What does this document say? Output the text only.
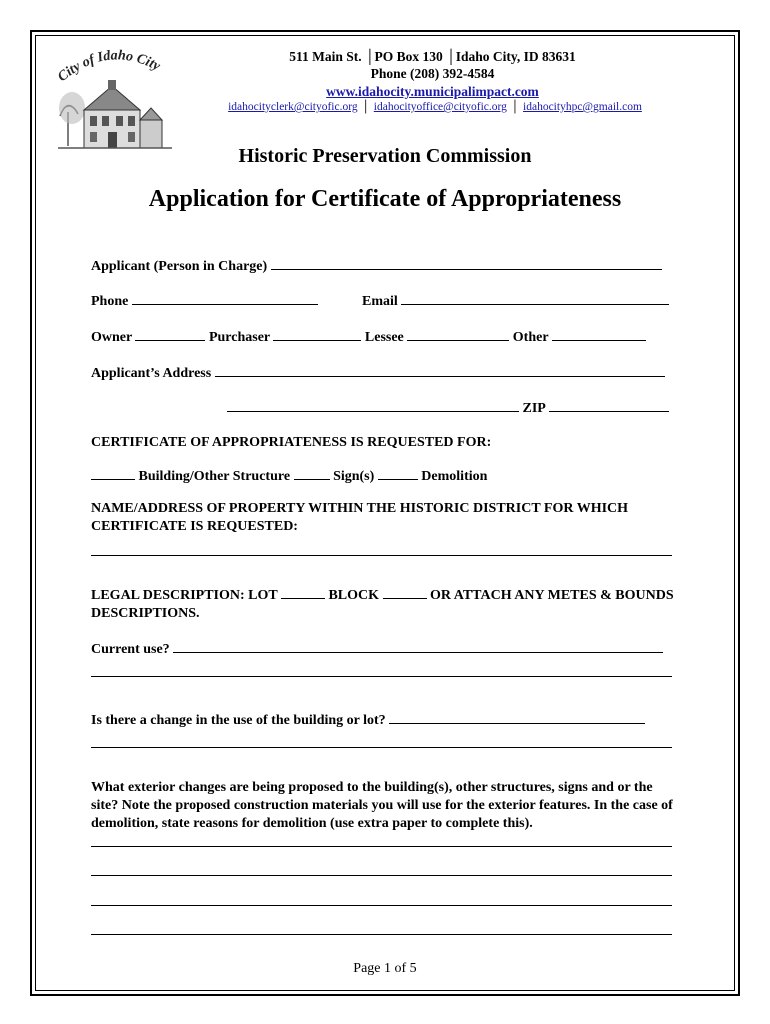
City of Idaho City
511 Main St. │PO Box 130 │Idaho City, ID 83631
Phone (208) 392-4584
www.idahocity.municipalimpact.com
idahocityclerk@cityofic.org │ idahocityoffice@cityofic.org │ idahocityhpc@gmail.com
Historic Preservation Commission
Application for Certificate of Appropriateness
Applicant (Person in Charge)
Phone	Email
Owner	Purchaser	Lessee	Other
Applicant’s Address
ZIP
CERTIFICATE OF APPROPRIATENESS IS REQUESTED FOR:
Building/Other Structure	Sign(s)	Demolition
NAME/ADDRESS OF PROPERTY WITHIN THE HISTORIC DISTRICT FOR WHICH CERTIFICATE IS REQUESTED:
LEGAL DESCRIPTION: LOT	BLOCK	OR ATTACH ANY METES & BOUNDS DESCRIPTIONS.
Current use?
Is there a change in the use of the building or lot?
What exterior changes are being proposed to the building(s), other structures, signs and or the site? Note the proposed construction materials you will use for the exterior features. In the case of demolition, state reasons for demolition (use extra paper to complete this).
Page 1 of 5
